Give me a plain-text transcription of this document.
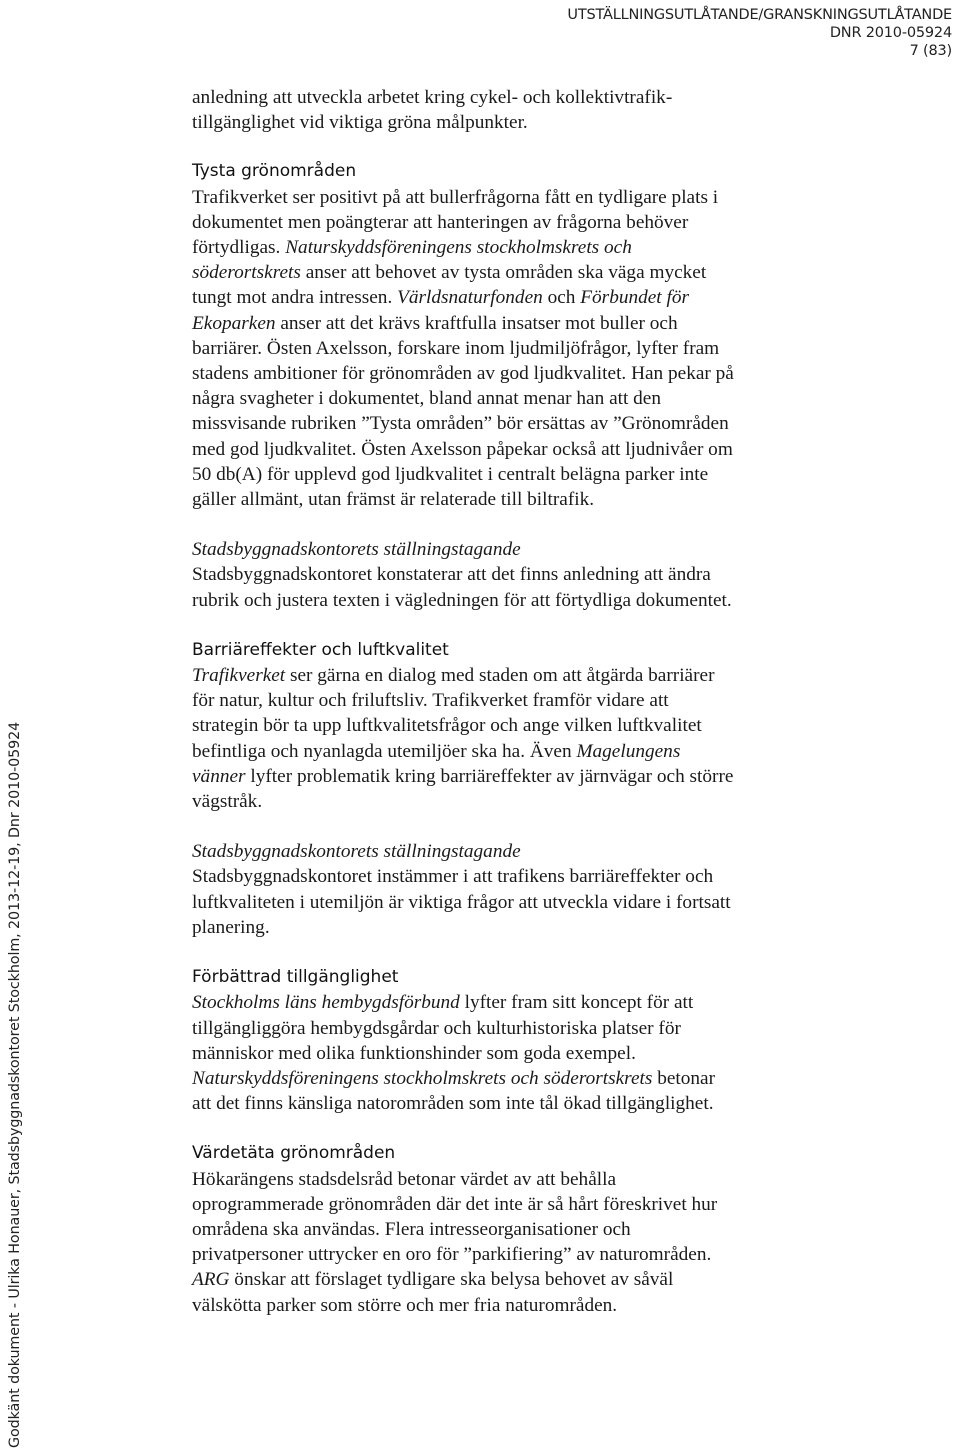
UTSTÄLLNINGSUTLÅTANDE/GRANSKNINGSUTLÅTANDE
DNR 2010-05924
7 (83)
Godkänt dokument - Ulrika Honauer, Stadsbyggnadskontoret Stockholm, 2013-12-19, Dnr 2010-05924

anledning att utveckla arbetet kring cykel- och kollektivtrafik-

tillgänglighet vid viktiga gröna målpunkter.

Tysta grönområden

Trafikverket ser positivt på att bullerfrågorna fått en tydligare plats i

dokumentet men poängterar att hanteringen av frågorna behöver

förtydligas. Naturskyddsföreningens stockholmskrets och

söderortskrets anser att behovet av tysta områden ska väga mycket

tungt mot andra intressen. Världsnaturfonden och Förbundet för

Ekoparken anser att det krävs kraftfulla insatser mot buller och

barriärer. Östen Axelsson, forskare inom ljudmiljöfrågor, lyfter fram

stadens ambitioner för grönområden av god ljudkvalitet. Han pekar på

några svagheter i dokumentet, bland annat menar han att den

missvisande rubriken ”Tysta områden” bör ersättas av ”Grönområden

med god ljudkvalitet. Östen Axelsson påpekar också att ljudnivåer om

50 db(A) för upplevd god ljudkvalitet i centralt belägna parker inte

gäller allmänt, utan främst är relaterade till biltrafik.

Stadsbyggnadskontorets ställningstagande

Stadsbyggnadskontoret konstaterar att det finns anledning att ändra

rubrik och justera texten i vägledningen för att förtydliga dokumentet.

Barriäreffekter och luftkvalitet

Trafikverket ser gärna en dialog med staden om att åtgärda barriärer

för natur, kultur och friluftsliv. Trafikverket framför vidare att

strategin bör ta upp luftkvalitetsfrågor och ange vilken luftkvalitet

befintliga och nyanlagda utemiljöer ska ha. Även Magelungens

vänner lyfter problematik kring barriäreffekter av järnvägar och större

vägstråk.

Stadsbyggnadskontorets ställningstagande

Stadsbyggnadskontoret instämmer i att trafikens barriäreffekter och

luftkvaliteten i utemiljön är viktiga frågor att utveckla vidare i fortsatt

planering.

Förbättrad tillgänglighet

Stockholms läns hembygdsförbund lyfter fram sitt koncept för att

tillgängliggöra hembygdsgårdar och kulturhistoriska platser för

människor med olika funktionshinder som goda exempel.

Naturskyddsföreningens stockholmskrets och söderortskrets betonar

att det finns känsliga natorområden som inte tål ökad tillgänglighet.

Värdetäta grönområden

Hökarängens stadsdelsråd betonar värdet av att behålla

oprogrammerade grönområden där det inte är så hårt föreskrivet hur

områdena ska användas. Flera intresseorganisationer och

privatpersoner uttrycker en oro för ”parkifiering” av naturområden.

ARG önskar att förslaget tydligare ska belysa behovet av såväl

välskötta parker som större och mer fria naturområden.
